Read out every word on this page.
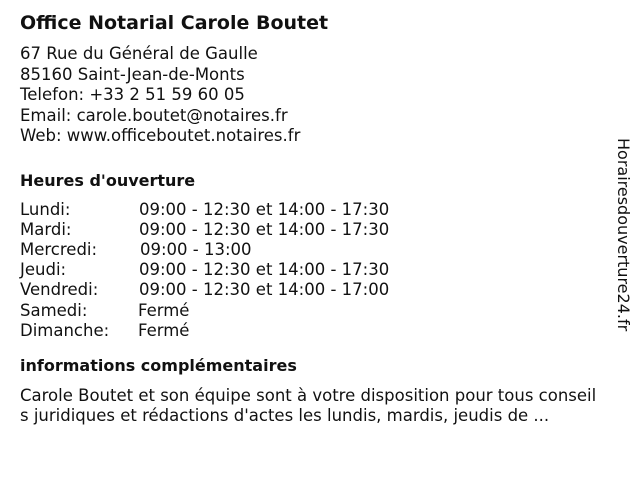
Office Notarial Carole Boutet
67 Rue du Général de Gaulle
85160 Saint-Jean-de-Monts
Telefon: +33 2 51 59 60 05
Email: carole.boutet@notaires.fr
Web: www.officeboutet.notaires.fr
Heures d'ouverture
Lundi:	09:00 - 12:30 et 14:00 - 17:30
Mardi:	09:00 - 12:30 et 14:00 - 17:30
Mercredi:	09:00 - 13:00
Jeudi:	09:00 - 12:30 et 14:00 - 17:30
Vendredi: 09:00 - 12:30 et 14:00 - 17:00
Samedi:	Fermé
Dimanche: Fermé
informations complémentaires
Carole Boutet et son équipe sont à votre disposition pour tous conseil
s juridiques et rédactions d'actes les lundis, mardis, jeudis de ...
Horairesdouverture24.fr
